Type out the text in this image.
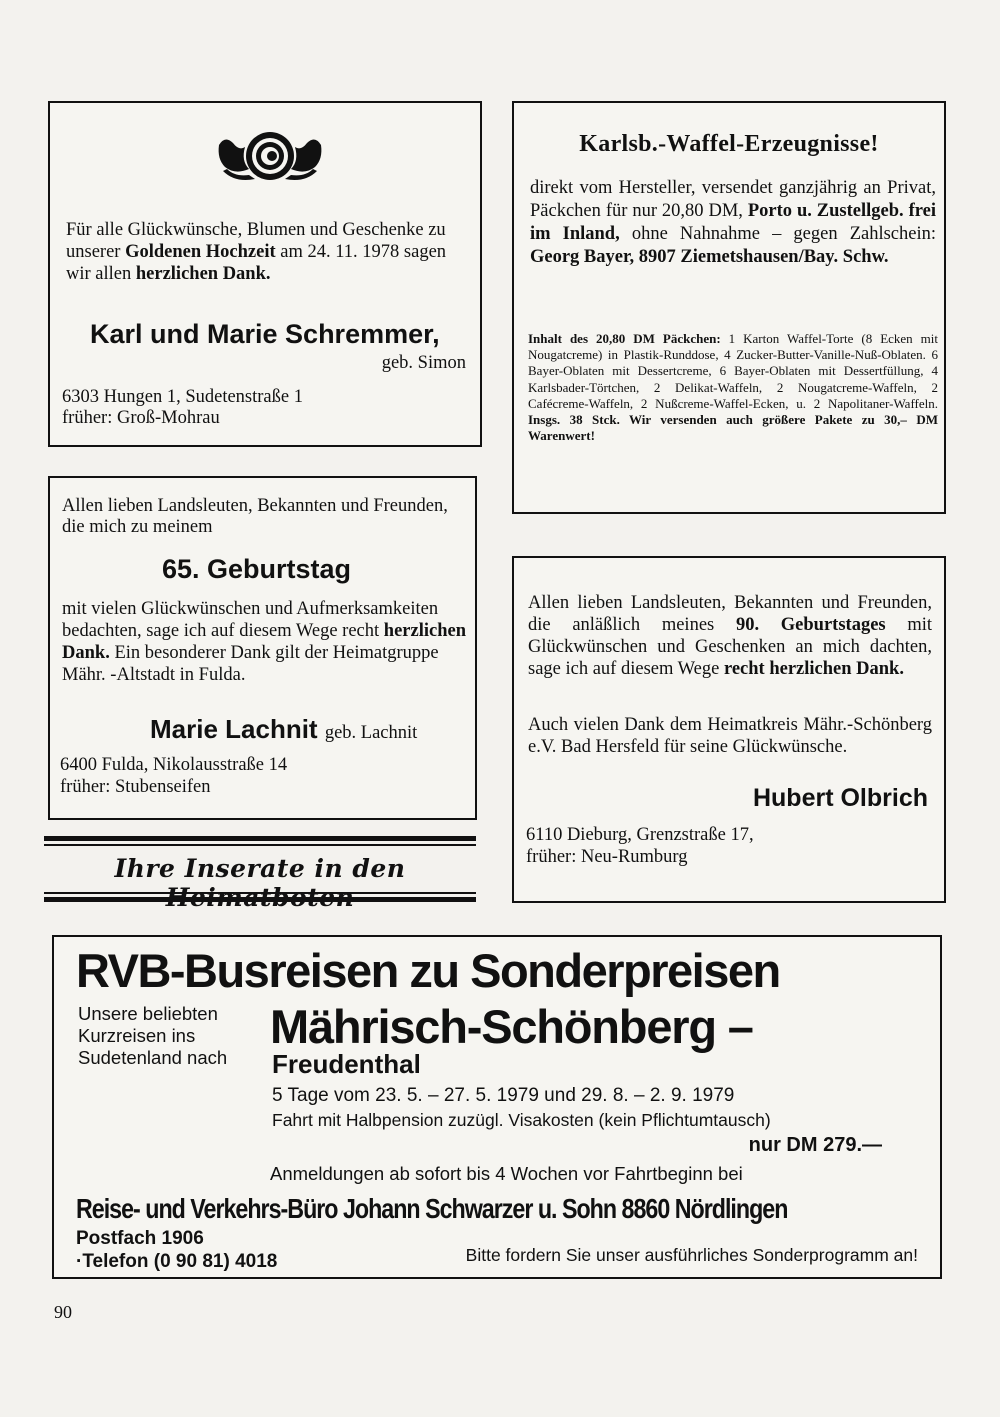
Für alle Glückwünsche, Blumen und Geschenke zu unserer Goldenen Hochzeit am 24. 11. 1978 sagen wir allen herzlichen Dank.

Karl und Marie Schremmer,
geb. Simon
6303 Hungen 1, Sudetenstraße 1
früher: Groß-Mohrau
Karlsb.-Waffel-Erzeugnisse!

direkt vom Hersteller, versendet ganzjährig an Privat, Päckchen für nur 20,80 DM, Porto u. Zustellgeb. frei im Inland, ohne Nahnahme – gegen Zahlschein: Georg Bayer, 8907 Ziemetshausen/Bay. Schw.

Inhalt des 20,80 DM Päckchen: 1 Karton Waffel-Torte (8 Ecken mit Nougatcreme) in Plastik-Runddose, 4 Zucker-Butter-Vanille-Nuß-Oblaten. 6 Bayer-Oblaten mit Dessertcreme, 6 Bayer-Oblaten mit Dessertfüllung, 4 Karlsbader-Törtchen, 2 Delikat-Waffeln, 2 Nougatcreme-Waffeln, 2 Cafécreme-Waffeln, 2 Nußcreme-Waffel-Ecken, u. 2 Napolitaner-Waffeln. Insgs. 38 Stck. Wir versenden auch größere Pakete zu 30,– DM Warenwert!

Allen lieben Landsleuten, Bekannten und Freunden, die mich zu meinem

65. Geburtstag

mit vielen Glückwünschen und Aufmerksamkeiten bedachten, sage ich auf diesem Wege recht herzlichen Dank. Ein besonderer Dank gilt der Heimatgruppe Mähr. -Altstadt in Fulda.

Marie Lachnit geb. Lachnit
6400 Fulda, Nikolausstraße 14
früher: Stubenseifen

Allen lieben Landsleuten, Bekannten und Freunden, die anläßlich meines 90. Geburtstages mit Glückwünschen und Geschenken an mich dachten, sage ich auf diesem Wege recht herzlichen Dank.

Auch vielen Dank dem Heimatkreis Mähr.-Schönberg e.V. Bad Hersfeld für seine Glückwünsche.

Hubert Olbrich
6110 Dieburg, Grenzstraße 17,
früher: Neu-Rumburg
Ihre Inserate in den
RVB-Busreisen zu Sonderpreisen
Unsere beliebten
Kurzreisen ins
Sudetenland nach
Mährisch-Schönberg –
Freudenthal
5 Tage vom 23. 5. – 27. 5. 1979 und 29. 8. – 2. 9. 1979
Fahrt mit Halbpension zuzügl. Visakosten (kein Pflichtumtausch)
nur DM 279.—
Anmeldungen ab sofort bis 4 Wochen vor Fahrtbeginn bei
Reise- und Verkehrs-Büro Johann Schwarzer u. Sohn 8860 Nördlingen
Postfach 1906
·Telefon (0 90 81) 4018	Bitte fordern Sie unser ausführliches Sonderprogramm an!
90
